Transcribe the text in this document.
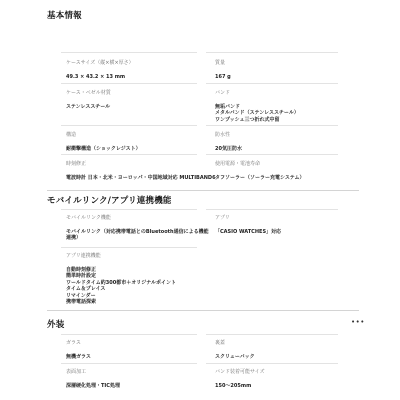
基本情報
ケースサイズ（縦×横×厚さ）
49.3 × 43.2 × 13 mm
質量
167 g
ケース・ベゼル材質
ステンレススチール
バンド
無垢バンド
メタルバンド（ステンレススチール）
ワンプッシュ三つ折れ式中留
構造
耐衝撃構造（ショックレジスト）
防水性
20気圧防水
時刻修正
電波時計 日本・北米・ヨーロッパ・中国地域対応 MULTIBAND6
使用電源・電池寿命
タフソーラー（ソーラー充電システム）
モバイルリンク/アプリ連携機能
モバイルリンク機能
モバイルリンク（対応携帯電話とのBluetooth通信による機能
連携）
アプリ
「CASIO WATCHES」対応
アプリ連携機能
自動時刻修正
簡単時計設定
ワールドタイム約300都市＋オリジナルポイント
タイム＆プレイス
リマインダー
携帯電話探索
外装	•••
ガラス
無機ガラス
裏蓋
スクリューバック
表面加工
深層硬化処理・TIC処理
バンド装着可能サイズ
150〜205mm
